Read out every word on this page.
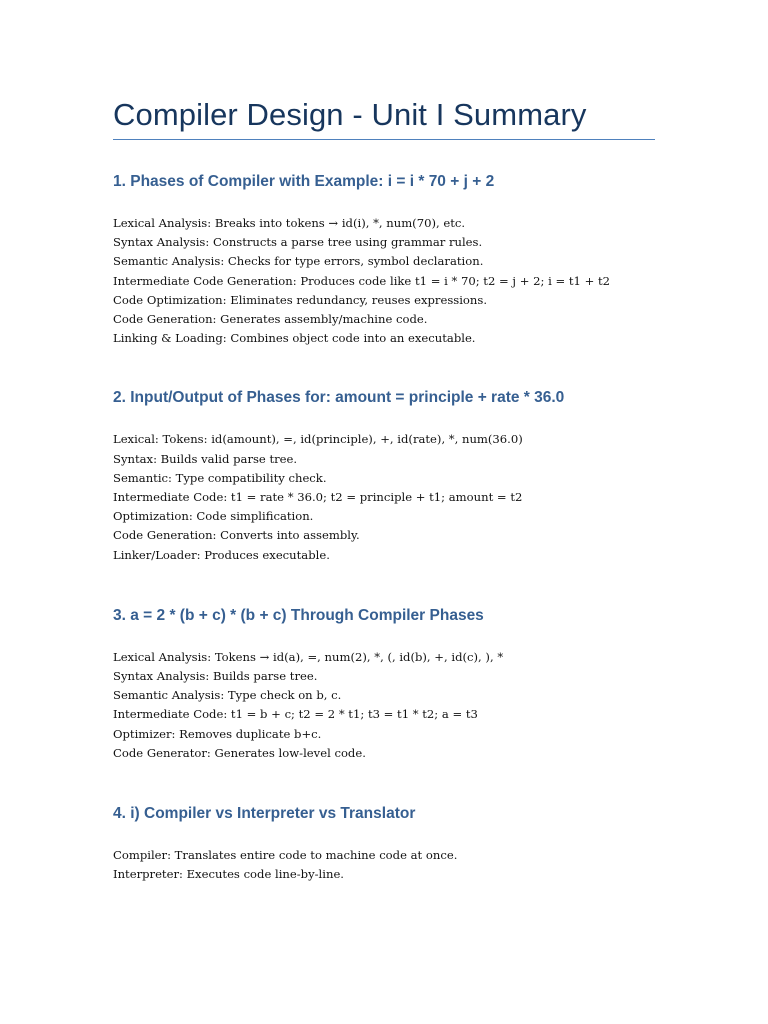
Compiler Design - Unit I Summary
1. Phases of Compiler with Example: i = i * 70 + j + 2
Lexical Analysis: Breaks into tokens → id(i), *, num(70), etc.
Syntax Analysis: Constructs a parse tree using grammar rules.
Semantic Analysis: Checks for type errors, symbol declaration.
Intermediate Code Generation: Produces code like t1 = i * 70; t2 = j + 2; i = t1 + t2
Code Optimization: Eliminates redundancy, reuses expressions.
Code Generation: Generates assembly/machine code.
Linking & Loading: Combines object code into an executable.
2. Input/Output of Phases for: amount = principle + rate * 36.0
Lexical: Tokens: id(amount), =, id(principle), +, id(rate), *, num(36.0)
Syntax: Builds valid parse tree.
Semantic: Type compatibility check.
Intermediate Code: t1 = rate * 36.0; t2 = principle + t1; amount = t2
Optimization: Code simplification.
Code Generation: Converts into assembly.
Linker/Loader: Produces executable.
3. a = 2 * (b + c) * (b + c) Through Compiler Phases
Lexical Analysis: Tokens → id(a), =, num(2), *, (, id(b), +, id(c), ), *
Syntax Analysis: Builds parse tree.
Semantic Analysis: Type check on b, c.
Intermediate Code: t1 = b + c; t2 = 2 * t1; t3 = t1 * t2; a = t3
Optimizer: Removes duplicate b+c.
Code Generator: Generates low-level code.
4. i) Compiler vs Interpreter vs Translator
Compiler: Translates entire code to machine code at once.
Interpreter: Executes code line-by-line.
